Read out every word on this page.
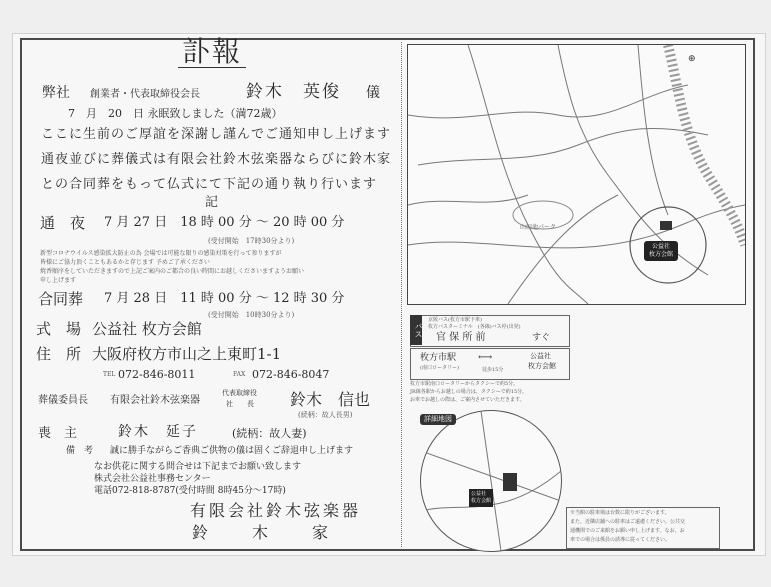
訃報
弊社 創業者・代表取締役会長	鈴木　英俊 儀
7　月　20　日 永眠致しました（満72歳）
ここに生前のご厚誼を深謝し謹んでご通知申し上げます
通夜並びに葬儀式は有限会社鈴木弦楽器ならびに鈴木家
との合同葬をもって仏式にて下記の通り執り行います
記
通　夜 7 月 27 日　18 時 00 分 〜 20 時 00 分
(受付開始　17時30分より)
新型コロナウイルス感染拡大防止の為 会場では可能な限りの感染対策を行って参りますが
皆様にご協力頂くこともあるかと存じます 予めご了承ください
焼香順序をしていただきますので上記ご案内のご都合の良い時間にお越しくださいますようお願い
申し上げます
合同葬 7 月 28 日　11 時 00 分 〜 12 時 30 分
(受付開始　10時30分より)
式　場 公益社 枚方会館
住　所 大阪府枚方市山之上東町1-1
TEL 072-846-8011	FAX 072-846-8047
葬儀委員長 有限会社鈴木弦楽器
代表取締役
社　　長 鈴木　信也
(続柄：故人長男)
喪　主	鈴木　延子	(続柄：故人妻)
備　考 誠に勝手ながらご香典ご供物の儀は固くご辞退申し上げます
なお供花に関する問合せは下記までお願い致します
株式会社公益社事務センター
電話072-818-8787(受付時間 8時45分〜17時)
有限会社鈴木弦楽器
鈴　　木　　家
⊕
山田池パーク
公益社
枚方会館
バス
京阪バス(枚方市駅下車)
枚方バスターミナル　(各線)バス停(出発)
官 保 所 前	すぐ
枚方市駅
(南口ロータリー)	徒歩15分
⟷	公益社
枚方会館
枚方市駅南口ロータリーからタクシーで約5分。
JR線各駅からお越しの場合は、タクシーで約15分。
お車でお越しの際は、ご案内させていただきます。
公益社
枚方会館
詳細地図
※当館の駐車場は台数に限りがございます。
また、近隣店舗への駐車はご遠慮ください。公共交
通機関でのご来館をお願い申し上げます。なお、お
車での場合は係員の誘導に従ってください。
